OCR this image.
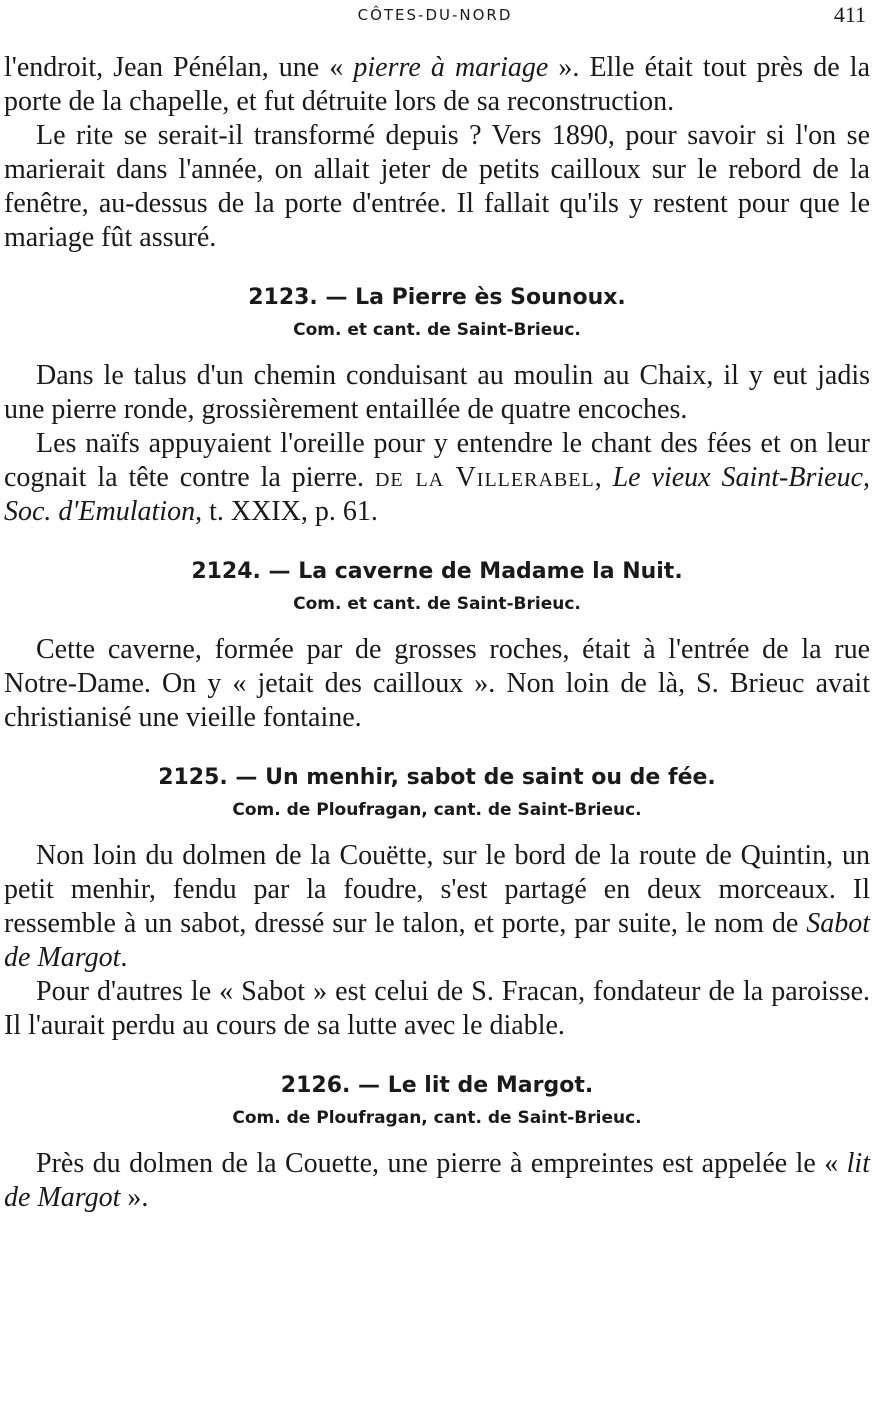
CÔTES-DU-NORD	411

l'endroit, Jean Pénélan, une « pierre à mariage ». Elle était tout près de la porte de la chapelle, et fut détruite lors de sa reconstruction.

Le rite se serait-il transformé depuis ? Vers 1890, pour savoir si l'on se marierait dans l'année, on allait jeter de petits cailloux sur le rebord de la fenêtre, au-dessus de la porte d'entrée. Il fallait qu'ils y restent pour que le mariage fût assuré.

2123. — La Pierre ès Sounoux.
Com. et cant. de Saint-Brieuc.

Dans le talus d'un chemin conduisant au moulin au Chaix, il y eut jadis une pierre ronde, grossièrement entaillée de quatre encoches.

Les naïfs appuyaient l'oreille pour y entendre le chant des fées et on leur cognait la tête contre la pierre. de la Villerabel, Le vieux Saint-Brieuc, Soc. d'Emulation, t. XXIX, p. 61.

2124. — La caverne de Madame la Nuit.
Com. et cant. de Saint-Brieuc.

Cette caverne, formée par de grosses roches, était à l'entrée de la rue Notre-Dame. On y « jetait des cailloux ». Non loin de là, S. Brieuc avait christianisé une vieille fontaine.

2125. — Un menhir, sabot de saint ou de fée.
Com. de Ploufragan, cant. de Saint-Brieuc.

Non loin du dolmen de la Couëtte, sur le bord de la route de Quintin, un petit menhir, fendu par la foudre, s'est partagé en deux morceaux. Il ressemble à un sabot, dressé sur le talon, et porte, par suite, le nom de Sabot de Margot.

Pour d'autres le « Sabot » est celui de S. Fracan, fondateur de la paroisse. Il l'aurait perdu au cours de sa lutte avec le diable.

2126. — Le lit de Margot.
Com. de Ploufragan, cant. de Saint-Brieuc.

Près du dolmen de la Couette, une pierre à empreintes est appelée le « lit de Margot ».
